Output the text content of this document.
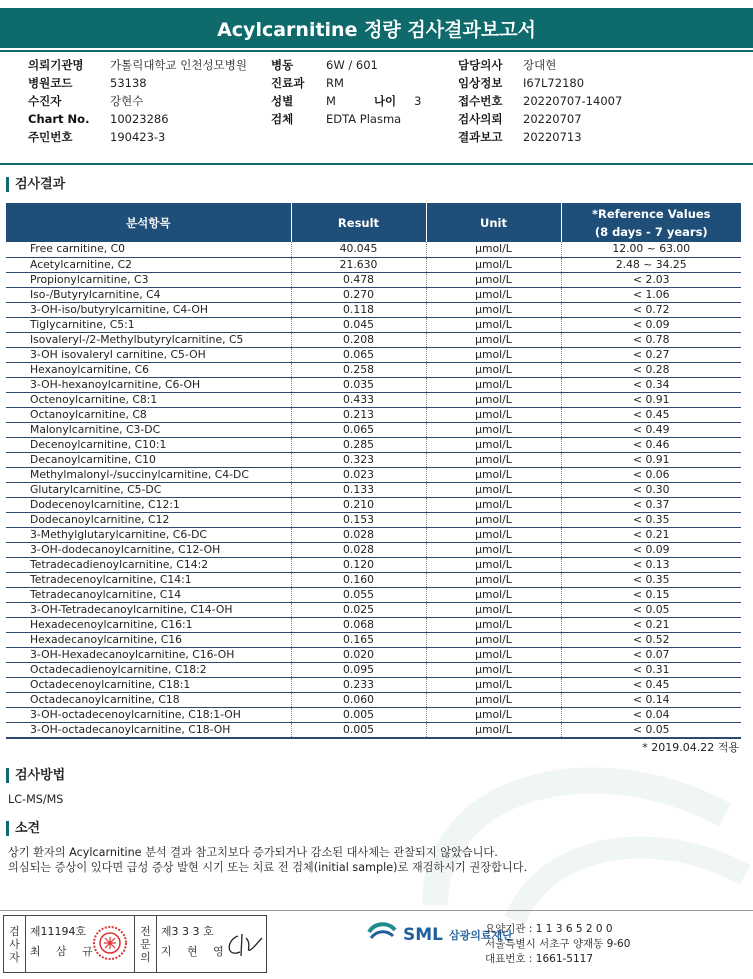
Acylcarnitine 정량 검사결과보고서
의뢰기관명	가톨릭대학교 인천성모병원
병원코드	53138
수진자	강현수
Chart No.	10023286
주민번호	190423-3
병동	6W / 601
진료과	RM
성별	M	나이 3
검체	EDTA Plasma
담당의사	장대현
임상정보	I67L72180
접수번호	20220707-14007
검사의뢰	20220707
결과보고	20220713
검사결과
분석항목	Result	Unit	*Reference Values
(8 days - 7 years)

Free carnitine, C0	40.045	μmol/L	12.00 ~ 63.00
Acetylcarnitine, C2	21.630	μmol/L	2.48 ~ 34.25
Propionylcarnitine, C3	0.478	μmol/L	< 2.03
Iso-/Butyrylcarnitine, C4	0.270	μmol/L	< 1.06
3-OH-iso/butyrylcarnitine, C4-OH	0.118	μmol/L	< 0.72
Tiglycarnitine, C5:1	0.045	μmol/L	< 0.09
Isovaleryl-/2-Methylbutyrylcarnitine, C5	0.208	μmol/L	< 0.78
3-OH isovaleryl carnitine, C5-OH	0.065	μmol/L	< 0.27
Hexanoylcarnitine, C6	0.258	μmol/L	< 0.28
3-OH-hexanoylcarnitine, C6-OH	0.035	μmol/L	< 0.34
Octenoylcarnitine, C8:1	0.433	μmol/L	< 0.91
Octanoylcarnitine, C8	0.213	μmol/L	< 0.45
Malonylcarnitine, C3-DC	0.065	μmol/L	< 0.49
Decenoylcarnitine, C10:1	0.285	μmol/L	< 0.46
Decanoylcarnitine, C10	0.323	μmol/L	< 0.91
Methylmalonyl-/succinylcarnitine, C4-DC	0.023	μmol/L	< 0.06
Glutarylcarnitine, C5-DC	0.133	μmol/L	< 0.30
Dodecenoylcarnitine, C12:1	0.210	μmol/L	< 0.37
Dodecanoylcarnitine, C12	0.153	μmol/L	< 0.35
3-Methylglutarylcarnitine, C6-DC	0.028	μmol/L	< 0.21
3-OH-dodecanoylcarnitine, C12-OH	0.028	μmol/L	< 0.09
Tetradecadienoylcarnitine, C14:2	0.120	μmol/L	< 0.13
Tetradecenoylcarnitine, C14:1	0.160	μmol/L	< 0.35
Tetradecanoylcarnitine, C14	0.055	μmol/L	< 0.15
3-OH-Tetradecanoylcarnitine, C14-OH	0.025	μmol/L	< 0.05
Hexadecenoylcarnitine, C16:1	0.068	μmol/L	< 0.21
Hexadecanoylcarnitine, C16	0.165	μmol/L	< 0.52
3-OH-Hexadecanoylcarnitine, C16-OH	0.020	μmol/L	< 0.07
Octadecadienoylcarnitine, C18:2	0.095	μmol/L	< 0.31
Octadecenoylcarnitine, C18:1	0.233	μmol/L	< 0.45
Octadecanoylcarnitine, C18	0.060	μmol/L	< 0.14
3-OH-octadecenoylcarnitine, C18:1-OH	0.005	μmol/L	< 0.04
3-OH-octadecanoylcarnitine, C18-OH	0.005	μmol/L	< 0.05
* 2019.04.22 적용
검사방법
LC-MS/MS
소견
상기 환자의 Acylcarnitine 분석 결과 참고치보다 증가되거나 감소된 대사체는 관찰되지 않았습니다.
의심되는 증상이 있다면 급성 증상 발현 시기 또는 치료 전 검체(initial sample)로 재검하시기 권장합니다.
검
사
자
제11194호
최 삼 규
전
문
의
제3 3 3 호
지 현 영
SML 삼광의료재단
요양기관 : 1 1 3 6 5 2 0 0
서울특별시 서초구 양재동 9-60
대표번호 : 1661-5117
